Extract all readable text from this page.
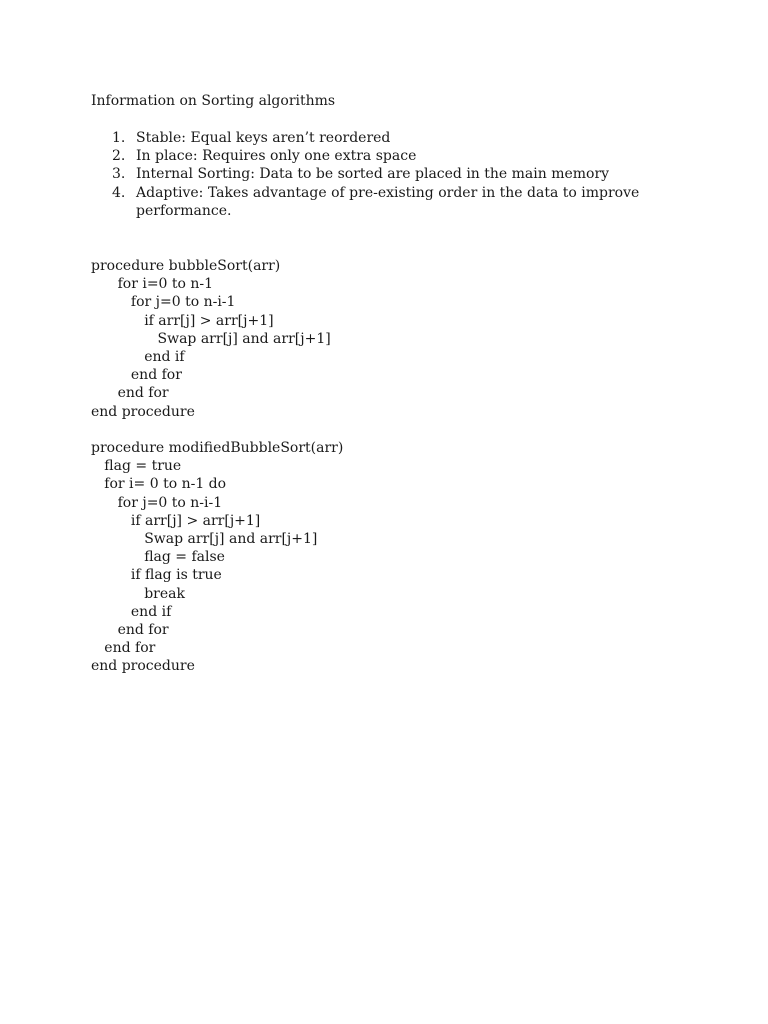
Information on Sorting algorithms
1. Stable: Equal keys aren’t reordered
2. In place: Requires only one extra space
3. Internal Sorting: Data to be sorted are placed in the main memory
4. Adaptive: Takes advantage of pre-existing order in the data to improve
performance.
procedure bubbleSort(arr)
for i=0 to n-1
for j=0 to n-i-1
if arr[j] > arr[j+1]
Swap arr[j] and arr[j+1]
end if
end for
end for
end procedure
procedure modifiedBubbleSort(arr)
flag = true
for i= 0 to n-1 do
for j=0 to n-i-1
if arr[j] > arr[j+1]
Swap arr[j] and arr[j+1]
flag = false
if flag is true
break
end if
end for
end for
end procedure
